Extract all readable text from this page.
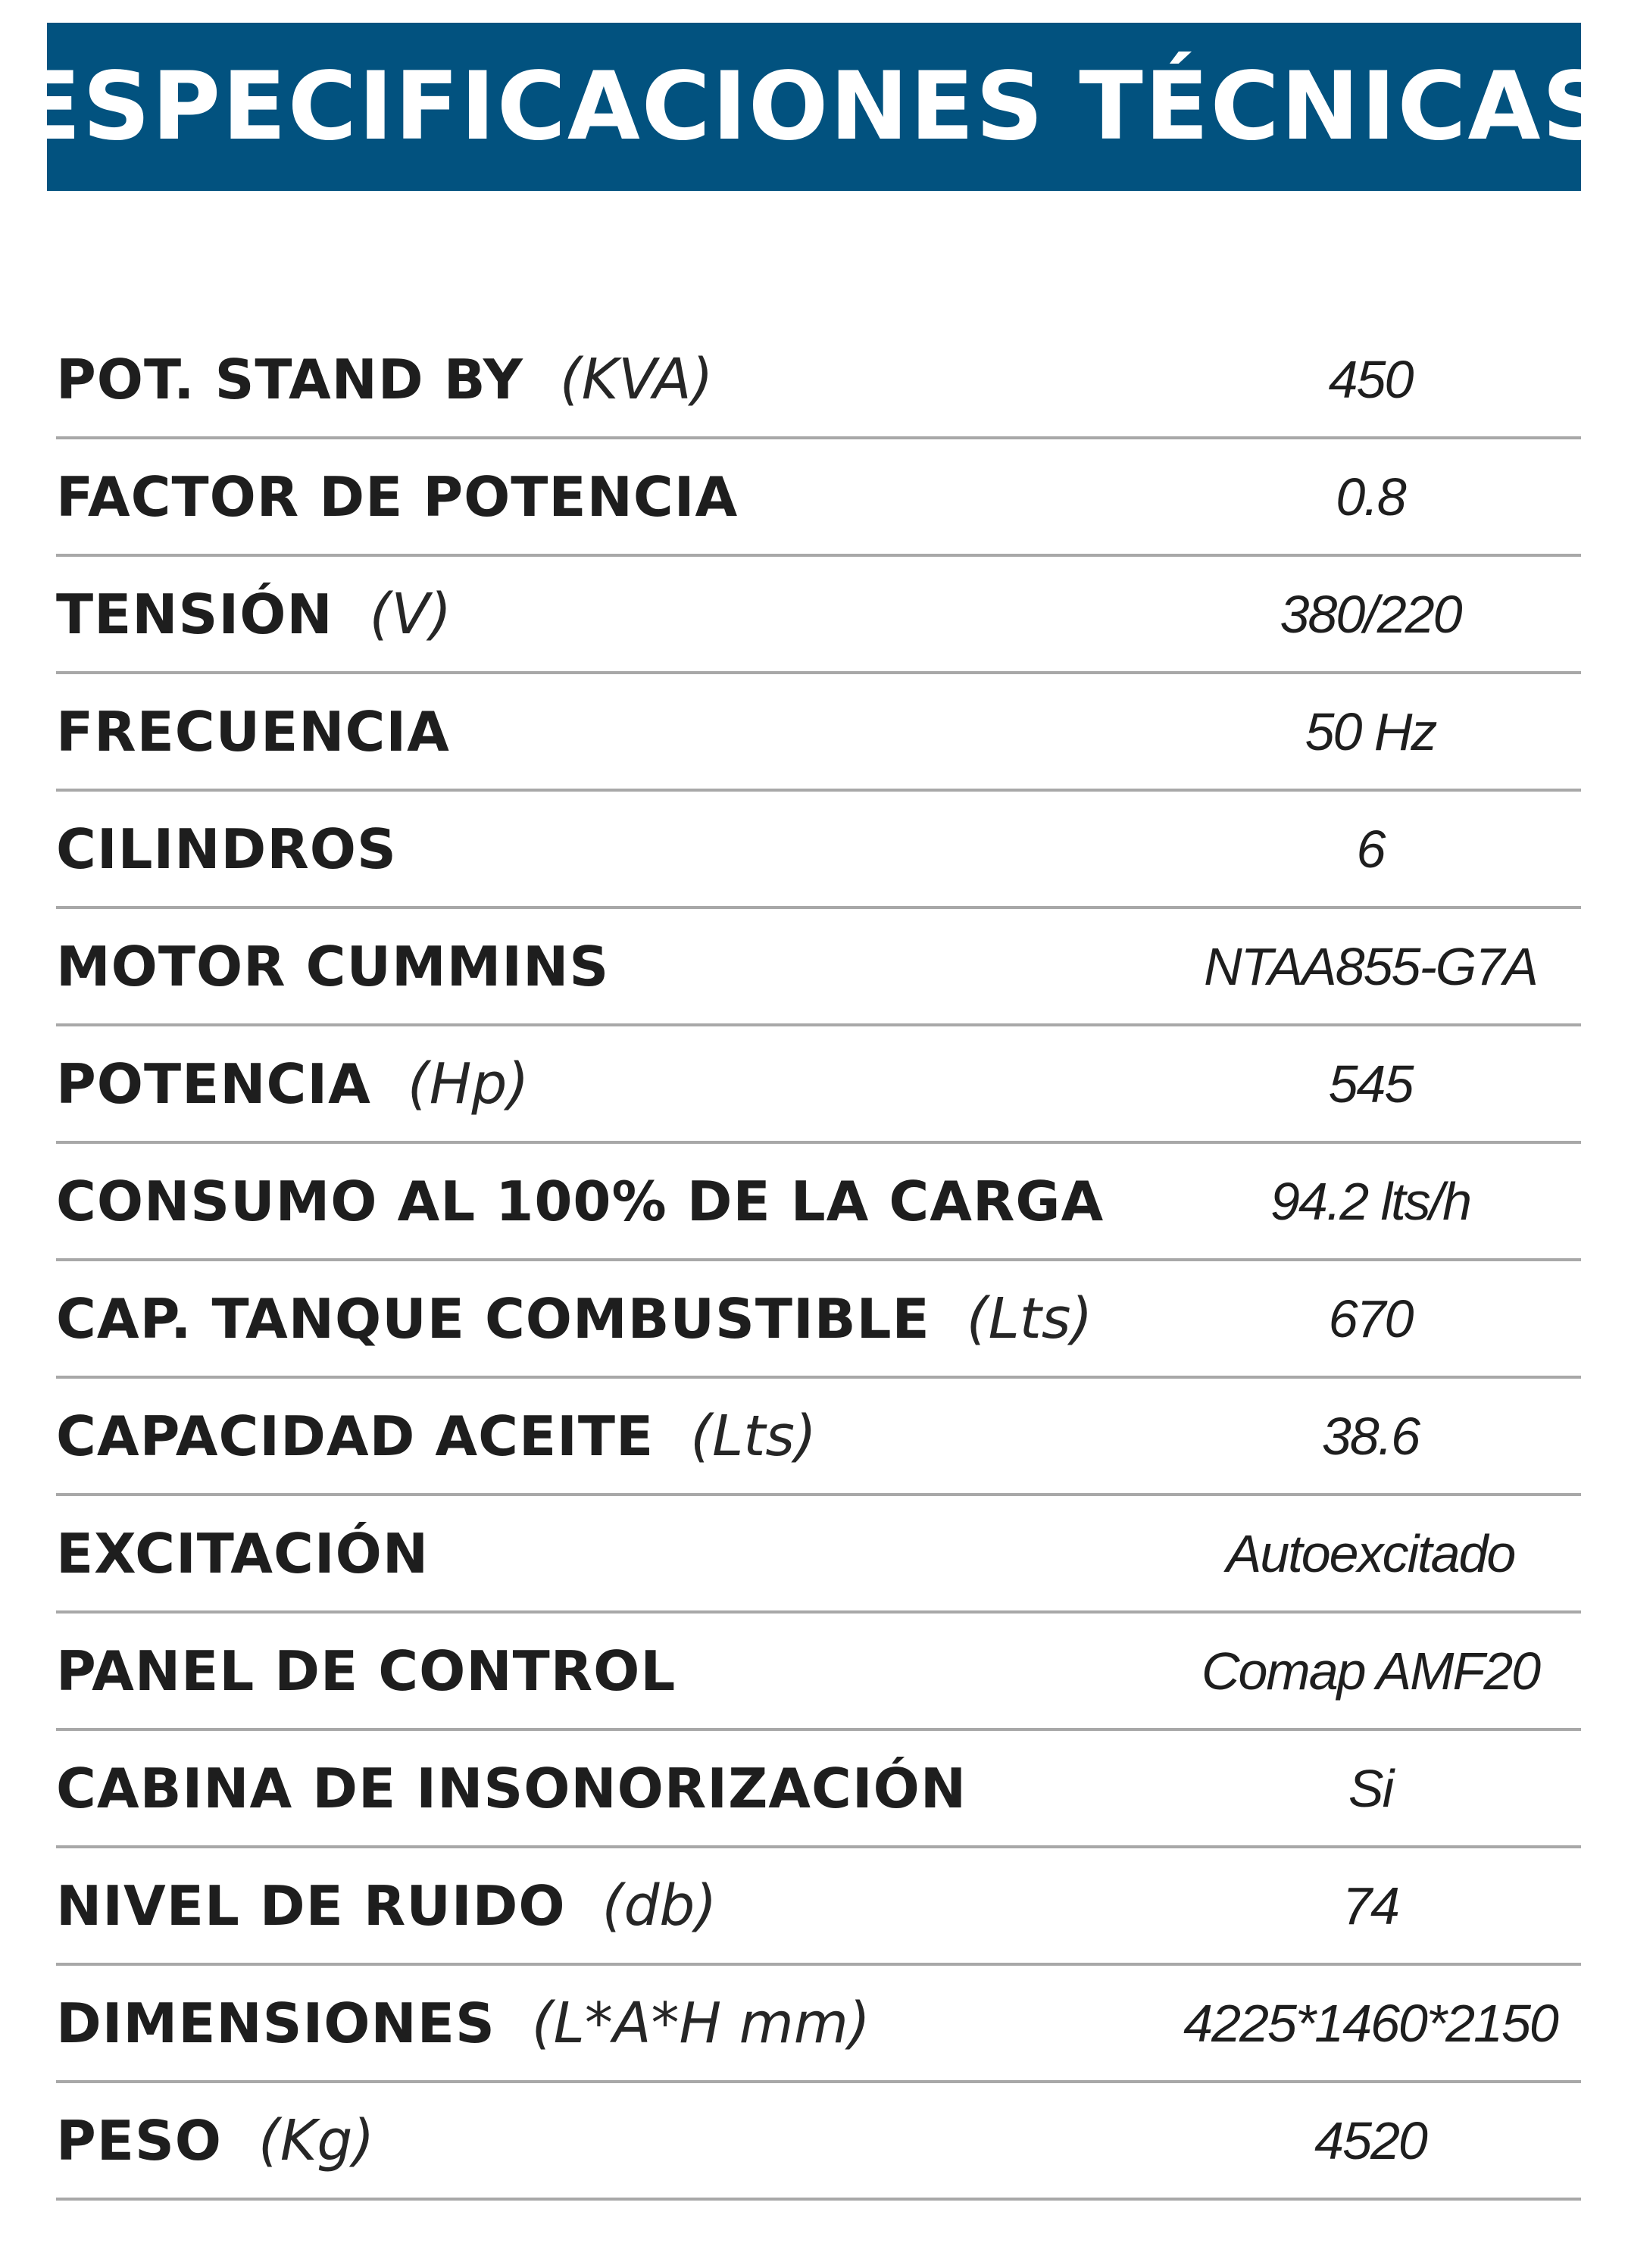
ESPECIFICACIONES TÉCNICAS
POT. STAND BY (KVA)	450
FACTOR DE POTENCIA	0.8
TENSIÓN (V)	380/220
FRECUENCIA	50 Hz
CILINDROS	6
MOTOR CUMMINS	NTAA855-G7A
POTENCIA (Hp)	545
CONSUMO AL 100% DE LA CARGA	94.2 lts/h
CAP. TANQUE COMBUSTIBLE (Lts)	670
CAPACIDAD ACEITE (Lts)	38.6
EXCITACIÓN	Autoexcitado
PANEL DE CONTROL	Comap AMF20
CABINA DE INSONORIZACIÓN	Si
NIVEL DE RUIDO (db)	74
DIMENSIONES (L*A*H mm)	4225*1460*2150
PESO (Kg)	4520
